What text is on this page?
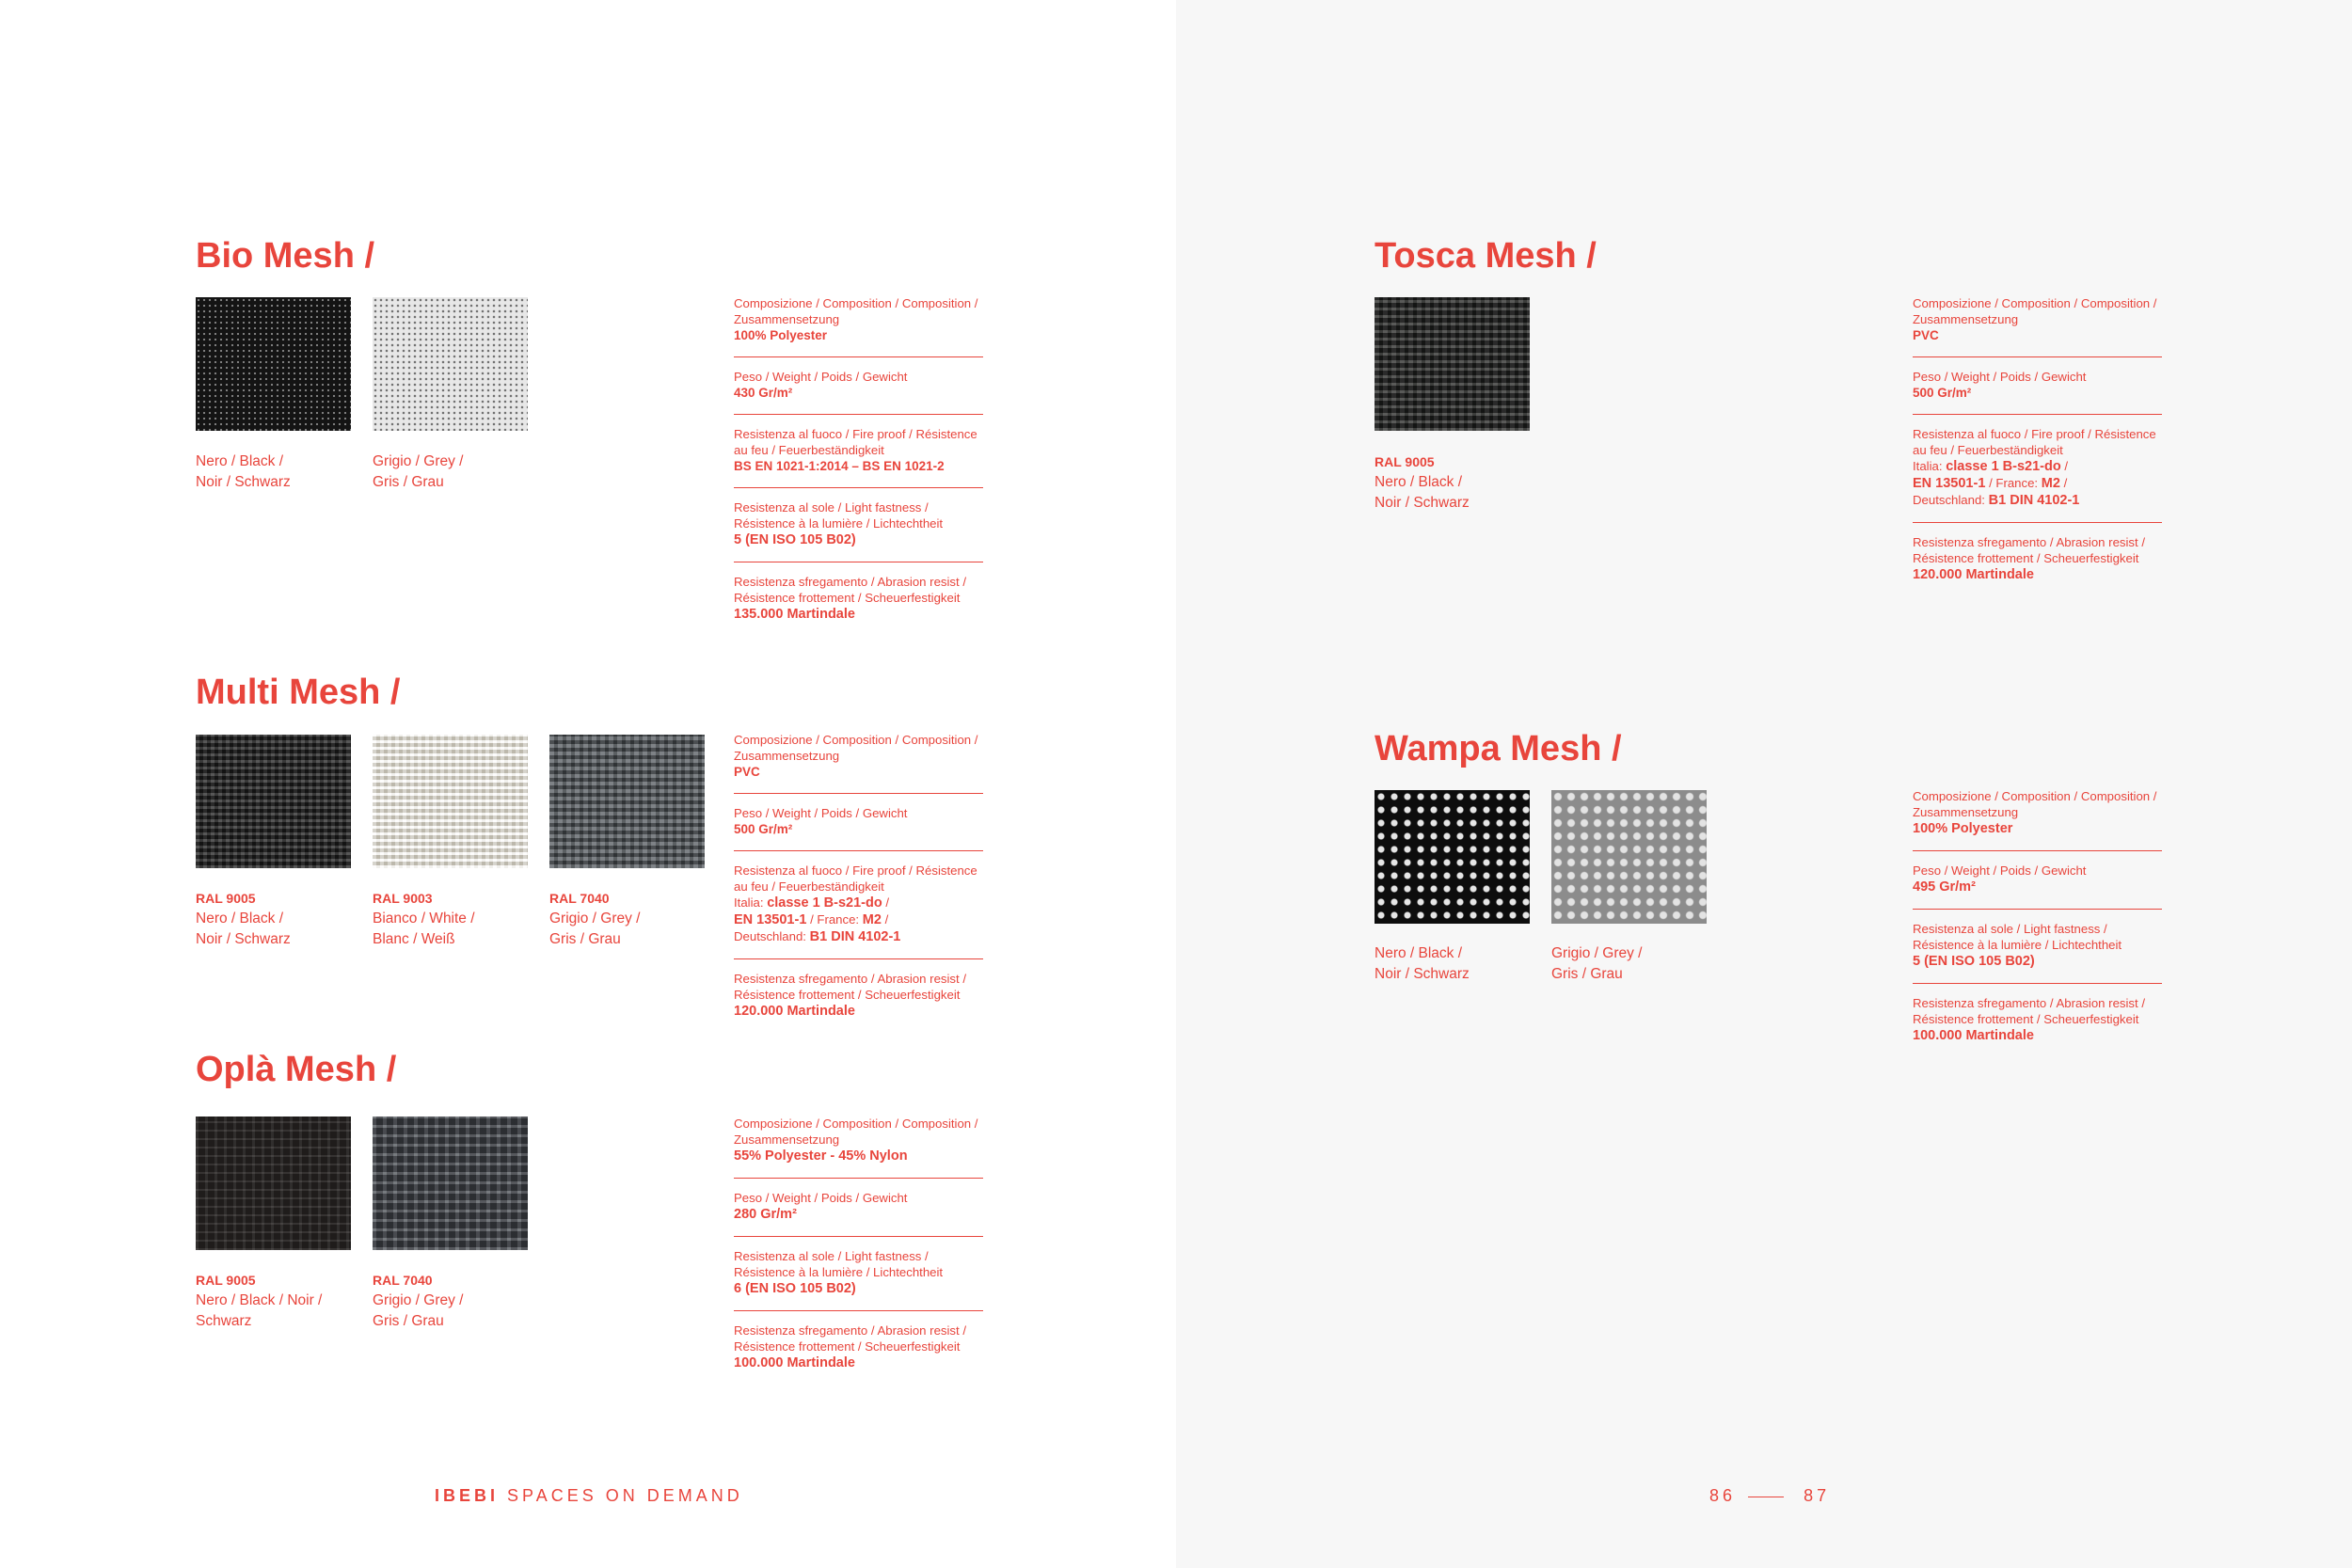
Bio Mesh /
Nero / Black /
Noir / Schwarz
Grigio / Grey /
Gris / Grau
Composizione / Composition / Composition / Zusammensetzung
100% Polyester
Peso / Weight / Poids / Gewicht
430 Gr/m²
Resistenza al fuoco / Fire proof / Résistence au feu / Feuerbeständigkeit
BS EN 1021-1:2014 – BS EN 1021-2
Resistenza al sole / Light fastness / Résistence à la lumière / Lichtechtheit
5 (EN ISO 105 B02)
Resistenza sfregamento / Abrasion resist / Résistence frottement / Scheuerfestigkeit
135.000 Martindale
Multi Mesh /
RAL 9005
Nero / Black /
Noir / Schwarz
RAL 9003
Bianco / White /
Blanc / Weiß
RAL 7040
Grigio / Grey /
Gris / Grau
Composizione / Composition / Composition / Zusammensetzung
PVC
Peso / Weight / Poids / Gewicht
500 Gr/m²
Resistenza al fuoco / Fire proof / Résistence au feu / Feuerbeständigkeit
Italia: classe 1 B-s21-do /
EN 13501-1 / France: M2 /
Deutschland: B1 DIN 4102-1
Resistenza sfregamento / Abrasion resist / Résistence frottement / Scheuerfestigkeit
120.000 Martindale
Oplà Mesh /
RAL 9005
Nero / Black / Noir /
Schwarz
RAL 7040
Grigio / Grey /
Gris / Grau
Composizione / Composition / Composition / Zusammensetzung
55% Polyester - 45% Nylon
Peso / Weight / Poids / Gewicht
280 Gr/m²
Resistenza al sole / Light fastness / Résistence à la lumière / Lichtechtheit
6 (EN ISO 105 B02)
Resistenza sfregamento / Abrasion resist / Résistence frottement / Scheuerfestigkeit
100.000 Martindale
Tosca Mesh /
RAL 9005
Nero / Black /
Noir / Schwarz
Composizione / Composition / Composition / Zusammensetzung
PVC
Peso / Weight / Poids / Gewicht
500 Gr/m²
Resistenza al fuoco / Fire proof / Résistence au feu / Feuerbeständigkeit
Italia: classe 1 B-s21-do /
EN 13501-1 / France: M2 /
Deutschland: B1 DIN 4102-1
Resistenza sfregamento / Abrasion resist / Résistence frottement / Scheuerfestigkeit
120.000 Martindale
Wampa Mesh /
Nero / Black /
Noir / Schwarz
Grigio / Grey /
Gris / Grau
Composizione / Composition / Composition / Zusammensetzung
100% Polyester
Peso / Weight / Poids / Gewicht
495 Gr/m²
Resistenza al sole / Light fastness / Résistence à la lumière / Lichtechtheit
5 (EN ISO 105 B02)
Resistenza sfregamento / Abrasion resist / Résistence frottement / Scheuerfestigkeit
100.000 Martindale
IBEBI SPACES ON DEMAND	86	87
